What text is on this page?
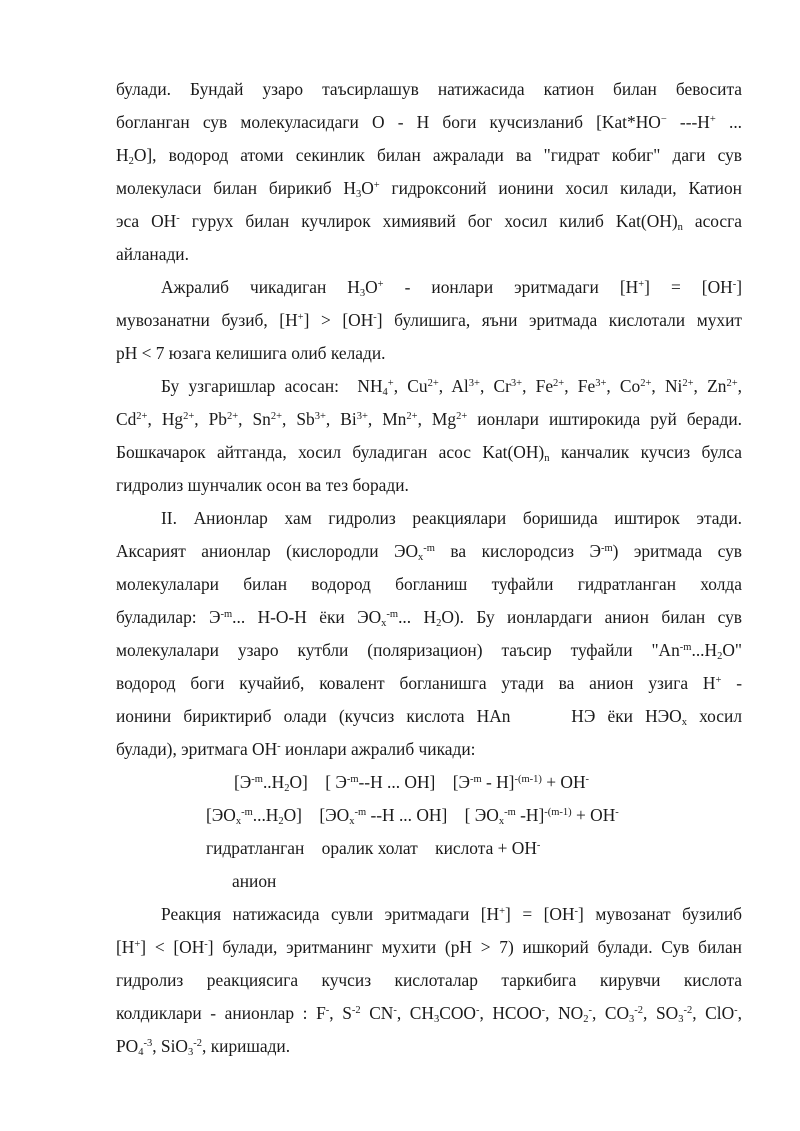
булади. Бундай узаро таъсирлашув натижасида катион билан бевосита
богланган сув молекуласидаги О - Н боги кучсизланиб [Kat*HO− ---H+ ...
$H_2O$], водород атоми секинлик билан ажралади ва "гидрат кобиг" даги сув
молекуласи билан бирикиб $H_3O^+$ гидроксоний ионини хосил килади, Катион
эса OH- гурух билан кучлирок химиявий бог хосил килиб $Kat(OH)_n$ асосга
айланади.
Ажралиб чикадиган $H_3O^+$ - ионлари эритмадаги [H+] = [OH-]
мувозанатни бузиб, [H+] > [OH-] булишига, яъни эритмада кислотали мухит
pH < 7 юзага келишига олиб келади.
Бу узгаришлар асосан:  $NH_4^+$, $Cu^{2+}$, $Al^{3+}$, $Cr^{3+}$, $Fe^{2+}$, $Fe^{3+}$, $Co^{2+}$, $Ni^{2+}$, $Zn^{2+}$,
$Cd^{2+}$, $Hg^{2+}$, $Pb^{2+}$, $Sn^{2+}$, $Sb^{3+}$, $Bi^{3+}$, $Mn^{2+}$, $Mg^{2+}$ ионлари иштирокида руй беради.
Бошкачарок айтганда, хосил буладиган асос $Kat(OH)_n$ канчалик кучсиз булса
гидролиз шунчалик осон ва тез боради.
II. Анионлар хам гидролиз реакциялари боришида иштирок этади.
Аксарият анионлар (кислородли $ЭO_x^{-m}$ ва кислородсиз $Э^{-m}$) эритмада сув
молекулалари билан водород богланиш туфайли гидратланган холда
буладилар: $Э^{-m}$... H-O-H ёки $ЭO_x^{-m}$... $H_2O$). Бу ионлардаги анион билан сув
молекулалари узаро кутбли (поляризацион) таъсир туфайли "$An^{-m}...H_2O$"
водород боги кучайиб, ковалент богланишга утади ва анион узига H+ -
ионини бириктириб олади (кучсиз кислота HAn     НЭ ёки $HЭO_x$ хосил
булади), эритмага OH- ионлари ажралиб чикади:
$[Э^{-m}..H_2O]$    [ $Э^{-m}--H$ ... OH]    $[Э^{-m} - H]^{-(m-1)} + OH^-$
$[ЭO_x^{-m}...H_2O]$    [$ЭO_x^{-m}$ --H ... OH]    [ $ЭO_x^{-m}$ -H]$^{-(m-1)}$ + OH-
гидратланган    оралик холат    кислота + OH-
анион
Реакция натижасида сувли эритмадаги [H+] = [OH-] мувозанат бузилиб
[H+] < [OH-] булади, эритманинг мухити (pH > 7) ишкорий булади. Сув билан
гидролиз реакциясига кучсиз кислоталар таркибига кирувчи кислота
колдиклари - анионлар : F-, $S^{-2}$ CN-, $CH_3COO^-$, HCOO-, $NO_2^-$, $CO_3^{-2}$, $SO_3^{-2}$, ClO-,
$PO_4^{-3}$, SiO$_3^{-2}$, киришади.
